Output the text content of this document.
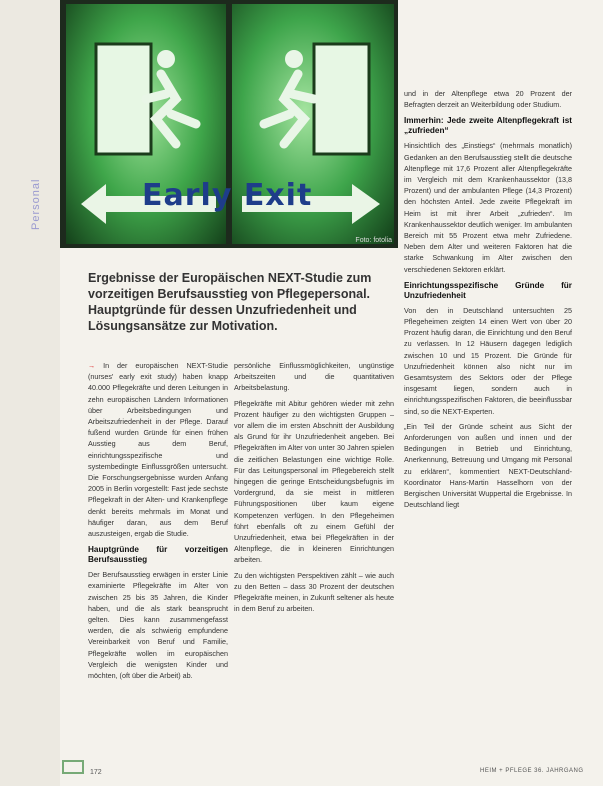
Personal	Early Exit
Foto: fotolia
Ergebnisse der Europäischen NEXT-Studie zum vorzeitigen Berufsausstieg von Pflegepersonal. Hauptgründe für dessen Unzufriedenheit und Lösungsansätze zur Motivation.

→ In der europäischen NEXT-Studie (nurses' early exit study) haben knapp 40.000 Pflegekräfte und deren Leitungen in zehn europäischen Ländern Informationen über Arbeitsbedingungen und Arbeitszufriedenheit in der Pflege. Darauf fußend wurden Gründe für einen frühen Ausstieg aus dem Beruf, einrichtungsspezifische und systembedingte Einflussgrößen untersucht. Die Forschungsergebnisse wurden Anfang 2005 in Berlin vorgestellt: Fast jede sechste Pflegekraft in der Alten- und Krankenpflege denkt bereits mehrmals im Monat und häufiger daran, aus dem Beruf auszusteigen, ergab die Studie.

Hauptgründe für vorzeitigen Berufsausstieg

Der Berufsausstieg erwägen in erster Linie examinierte Pflegekräfte im Alter von zwischen 25 bis 35 Jahren, die Kinder haben, und die als stark beansprucht gelten. Dies kann zusammengefasst werden, die als schwierig empfundene Vereinbarkeit von Beruf und Familie, Pflegekräfte wollen im europäischen Vergleich die wenigsten Kinder und möchten, (oft über die Arbeit) ab.

persönliche Einflussmöglichkeiten, ungünstige Arbeitszeiten und die quantitativen Arbeitsbelastung.

Pflegekräfte mit Abitur gehören wieder mit zehn Prozent häufiger zu den wichtigsten Gruppen – vor allem die im ersten Abschnitt der Ausbildung als Grund für ihr Unzufriedenheit angeben. Bei Pflegekräften im Alter von unter 30 Jahren spielen die zeitlichen Belastungen eine wichtige Rolle. Für das Leitungspersonal im Pflegebereich stellt hingegen die geringe Entscheidungsbefugnis im Vordergrund, da sie meist in mittleren Führungspositionen über kaum eigene Kompetenzen verfügen. In den Pflegeheimen führt ebenfalls oft zu einem Gefühl der Unzufriedenheit, etwa bei Pflegekräften in der Altenpflege, die in kleineren Einrichtungen arbeiten.

Zu den wichtigsten Perspektiven zählt – wie auch zu den Betten – dass 30 Prozent der deutschen Pflegekräfte meinen, in Zukunft seltener als heute in dem Beruf zu arbeiten.

und in der Altenpflege etwa 20 Prozent der Befragten derzeit an Weiterbildung oder Studium.

Immerhin: Jede zweite Altenpflegekraft ist „zufrieden“

Hinsichtlich des „Einstiegs“ (mehrmals monatlich) Gedanken an den Berufsausstieg stellt die deutsche Altenpflege mit 17,6 Prozent aller Altenpflegekräfte im Vergleich mit dem Krankenhaussektor (13,8 Prozent) und der ambulanten Pflege (14,3 Prozent) den höchsten Anteil. Jede zweite Pflegekraft im Heim ist mit ihrer Arbeit „zufrieden“. Im Krankenhaussektor deutlich weniger. Im ambulanten Bereich mit 55 Prozent etwa mehr Zufriedene. Neben dem Alter und weiteren Faktoren hat die starke Schwankung im Alter zwischen den verschiedenen Sektoren erklärt.

Einrichtungsspezifische Gründe für Unzufriedenheit

Von den in Deutschland untersuchten 25 Pflegeheimen zeigten 14 einen Wert von über 20 Prozent häufig daran, die Einrichtung und den Beruf zu verlassen. In 12 Häusern dagegen lediglich zwischen 10 und 15 Prozent. Die Gründe für Unzufriedenheit können also nicht nur im Gesamtsystem des Sektors oder der Pflege insgesamt liegen, sondern auch in einrichtungsspezifischen Faktoren, die beeinflussbar sind, so die NEXT-Experten.

„Ein Teil der Gründe scheint aus Sicht der Anforderungen von außen und innen und der Bedingungen in Betrieb und Einrichtung, Anerkennung, Betreuung und Umgang mit Personal zu erklären“, kommentiert NEXT-Deutschland-Koordinator Hans-Martin Hasselhorn von der Bergischen Universität Wuppertal die Ergebnisse. In Deutschland liegt

172	HEIM + PFLEGE 36. JAHRGANG
